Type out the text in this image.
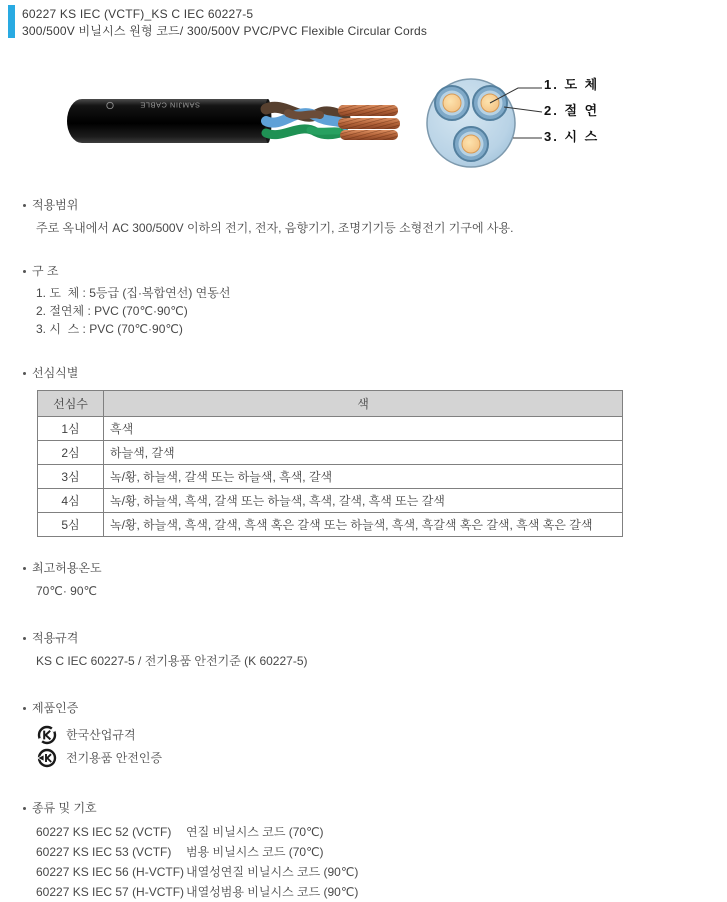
60227 KS IEC (VCTF)_KS C IEC 60227-5
300/500V 비닐시스 원형 코드/ 300/500V PVC/PVC Flexible Circular Cords
SAMJIN CABLE
1. 도 체
2. 절 연
3. 시 스
적용범위
주로 옥내에서 AC 300/500V 이하의 전기, 전자, 음향기기, 조명기기등 소형전기 기구에 사용.
구 조
1. 도  체 : 5등급 (집·복합연선) 연동선
2. 절연체 : PVC (70℃·90℃)
3. 시  스 : PVC (70℃·90℃)
선심식별
선심수	색
1심	흑색
2심	하늘색, 갈색
3심	녹/황, 하늘색, 갈색 또는 하늘색, 흑색, 갈색
4심	녹/황, 하늘색, 흑색, 갈색 또는 하늘색, 흑색, 갈색, 흑색 또는 갈색
5심	녹/황, 하늘색, 흑색, 갈색, 흑색 혹은 갈색 또는 하늘색, 흑색, 흑갈색 혹은 갈색, 흑색 혹은 갈색
최고허용온도
70℃· 90℃
적용규격
KS C IEC 60227-5 / 전기용품 안전기준 (K 60227-5)
제품인증
한국산업규격
전기용품 안전인증
종류 및 기호
60227 KS IEC 52 (VCTF)	연질 비닐시스 코드 (70℃)
60227 KS IEC 53 (VCTF)	범용 비닐시스 코드 (70℃)
60227 KS IEC 56 (H-VCTF) 내열성연질 비닐시스 코드 (90℃)
60227 KS IEC 57 (H-VCTF) 내열성범용 비닐시스 코드 (90℃)
